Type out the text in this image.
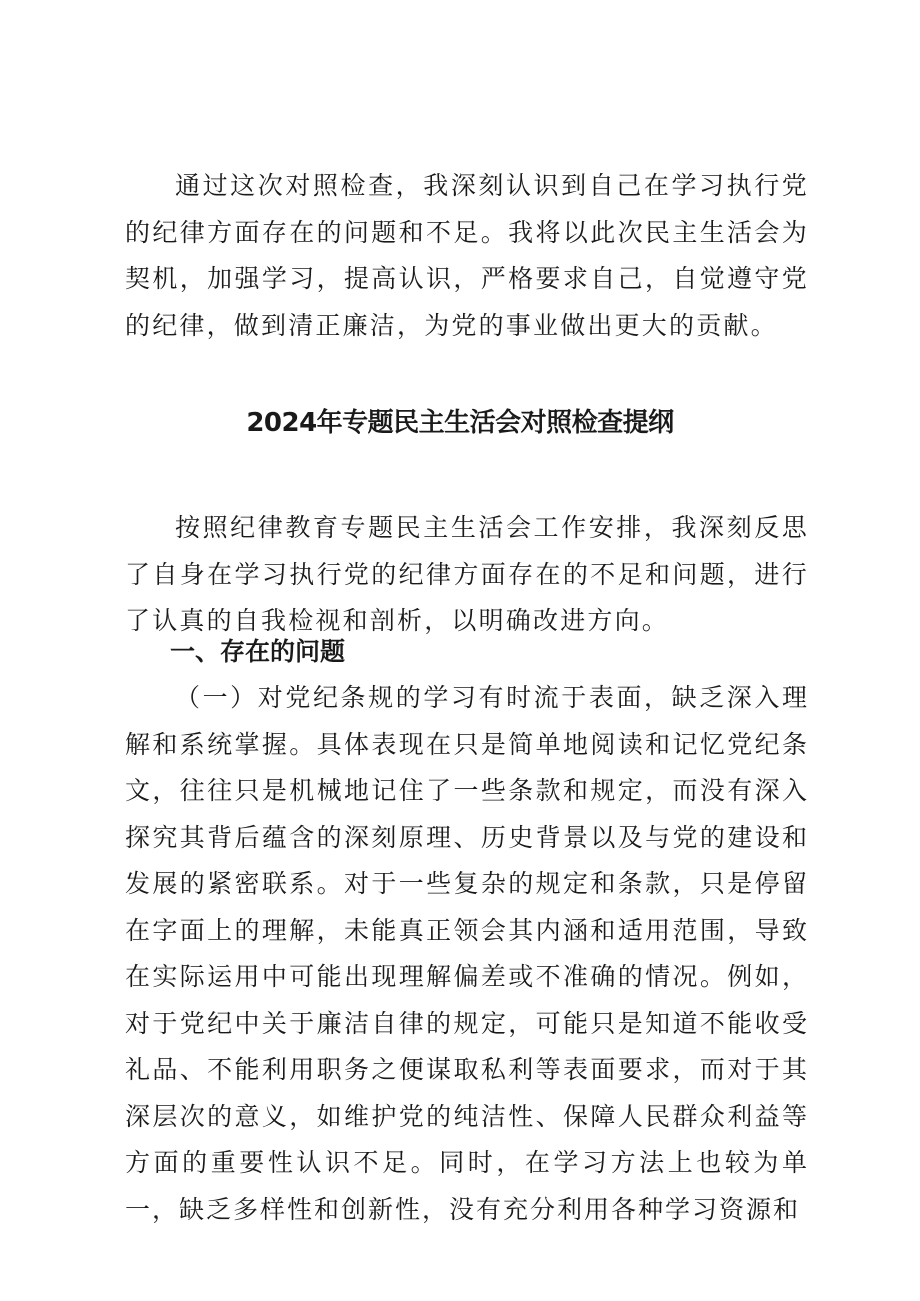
通过这次对照检查，我深刻认识到自己在学习执行党的纪律方面存在的问题和不足。我将以此次民主生活会为契机，加强学习，提高认识，严格要求自己，自觉遵守党的纪律，做到清正廉洁，为党的事业做出更大的贡献。

2024年专题民主生活会对照检查提纲

按照纪律教育专题民主生活会工作安排，我深刻反思了自身在学习执行党的纪律方面存在的不足和问题，进行了认真的自我检视和剖析，以明确改进方向。

一、存在的问题

（一）对党纪条规的学习有时流于表面，缺乏深入理解和系统掌握。具体表现在只是简单地阅读和记忆党纪条文，往往只是机械地记住了一些条款和规定，而没有深入探究其背后蕴含的深刻原理、历史背景以及与党的建设和发展的紧密联系。对于一些复杂的规定和条款，只是停留在字面上的理解，未能真正领会其内涵和适用范围，导致在实际运用中可能出现理解偏差或不准确的情况。例如，对于党纪中关于廉洁自律的规定，可能只是知道不能收受礼品、不能利用职务之便谋取私利等表面要求，而对于其深层次的意义，如维护党的纯洁性、保障人民群众利益等方面的重要性认识不足。同时，在学习方法上也较为单一，缺乏多样性和创新性，没有充分利用各种学习资源和
